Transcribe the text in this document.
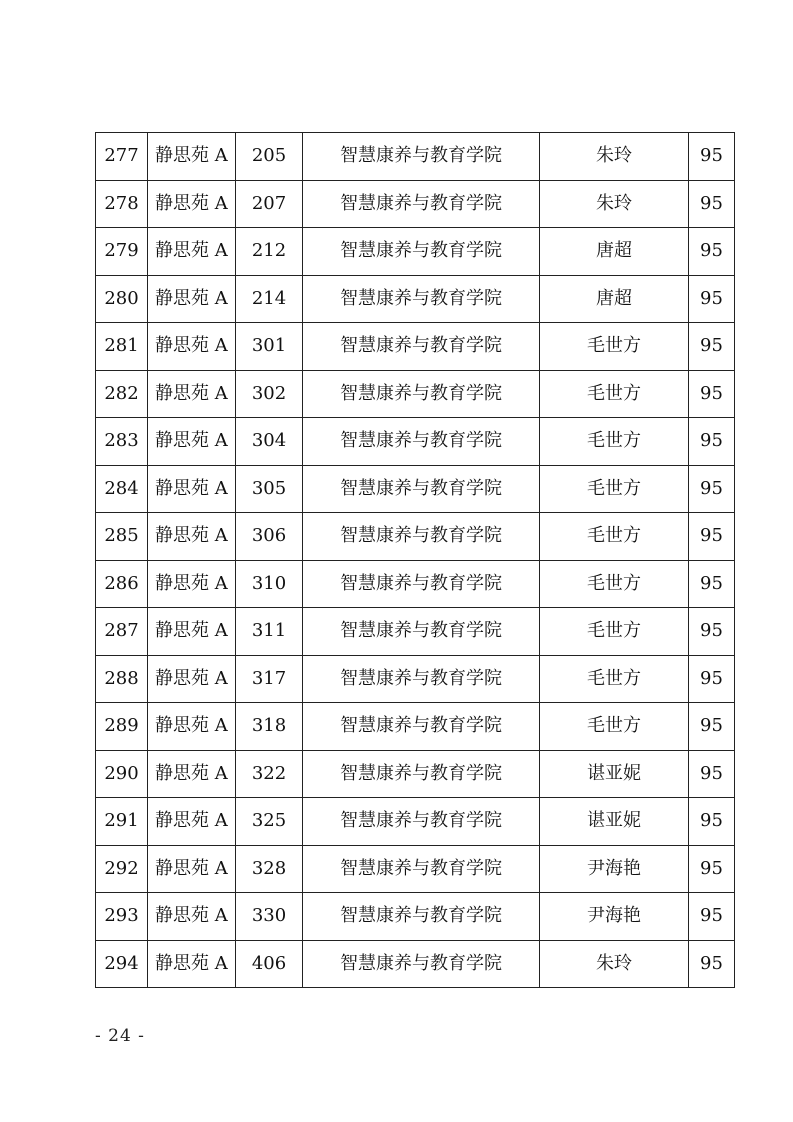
277	静思苑 A	205	智慧康养与教育学院	朱玲	95
278	静思苑 A	207	智慧康养与教育学院	朱玲	95
279	静思苑 A	212	智慧康养与教育学院	唐超	95
280	静思苑 A	214	智慧康养与教育学院	唐超	95
281	静思苑 A	301	智慧康养与教育学院	毛世方	95
282	静思苑 A	302	智慧康养与教育学院	毛世方	95
283	静思苑 A	304	智慧康养与教育学院	毛世方	95
284	静思苑 A	305	智慧康养与教育学院	毛世方	95
285	静思苑 A	306	智慧康养与教育学院	毛世方	95
286	静思苑 A	310	智慧康养与教育学院	毛世方	95
287	静思苑 A	311	智慧康养与教育学院	毛世方	95
288	静思苑 A	317	智慧康养与教育学院	毛世方	95
289	静思苑 A	318	智慧康养与教育学院	毛世方	95
290	静思苑 A	322	智慧康养与教育学院	谌亚妮	95
291	静思苑 A	325	智慧康养与教育学院	谌亚妮	95
292	静思苑 A	328	智慧康养与教育学院	尹海艳	95
293	静思苑 A	330	智慧康养与教育学院	尹海艳	95
294	静思苑 A	406	智慧康养与教育学院	朱玲	95
- 24 -
